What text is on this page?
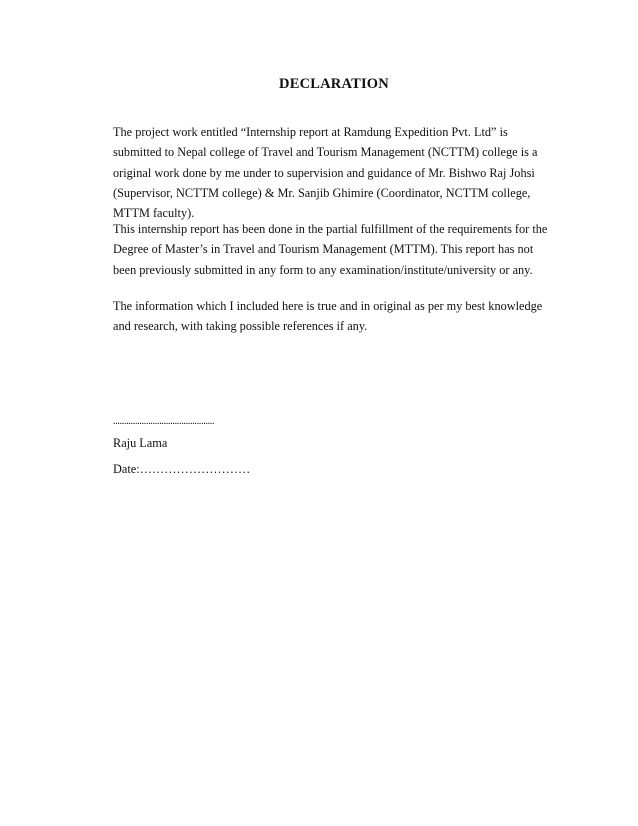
DECLARATION

The project work entitled “Internship report at Ramdung Expedition Pvt. Ltd” is submitted to Nepal college of Travel and Tourism Management (NCTTM) college is a original work done by me under to supervision and guidance of Mr. Bishwo Raj Johsi (Supervisor, NCTTM college) & Mr. Sanjib Ghimire (Coordinator, NCTTM college, MTTM faculty).

This internship report has been done in the partial fulfillment of the requirements for the Degree of Master’s in Travel and Tourism Management (MTTM). This report has not been previously submitted in any form to any examination/institute/university or any.

The information which I included here is true and in original as per my best knowledge and research, with taking possible references if any.

..............................................

Raju Lama

Date:………………………
